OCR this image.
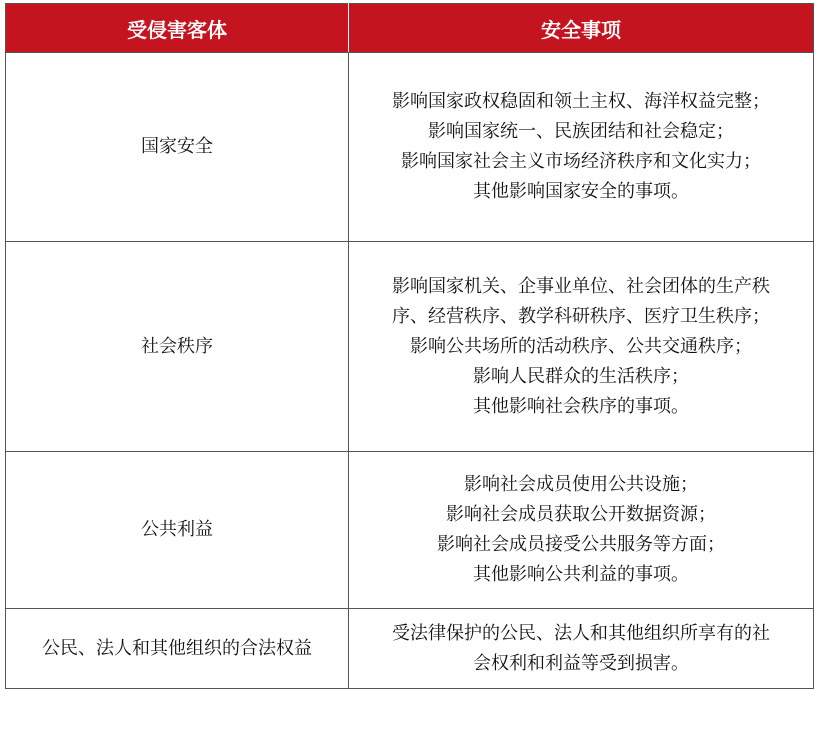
受侵害客体	安全事项
国家安全	影响国家政权稳固和领土主权、海洋权益完整；
影响国家统一、民族团结和社会稳定；
影响国家社会主义市场经济秩序和文化实力；
其他影响国家安全的事项。

社会秩序	影响国家机关、企事业单位、社会团体的生产秩
序、经营秩序、教学科研秩序、医疗卫生秩序；
影响公共场所的活动秩序、公共交通秩序；
影响人民群众的生活秩序；
其他影响社会秩序的事项。

公共利益	影响社会成员使用公共设施；
影响社会成员获取公开数据资源；
影响社会成员接受公共服务等方面；
其他影响公共利益的事项。

公民、法人和其他组织的合法权益	受法律保护的公民、法人和其他组织所享有的社
会权利和利益等受到损害。
